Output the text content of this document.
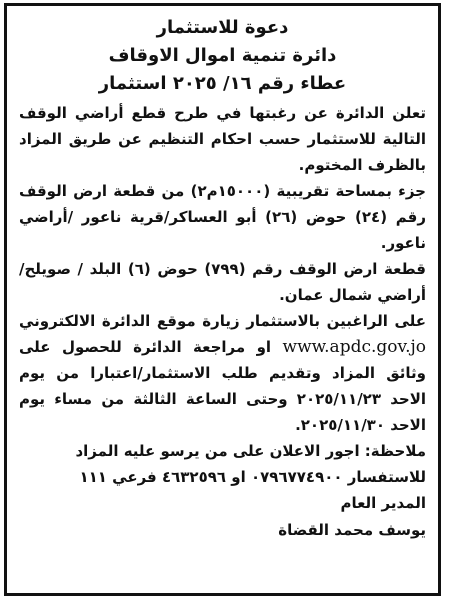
دعوة للاستثمار

دائرة تنمية اموال الاوقاف

عطاء رقم ١٦/ ٢٠٢٥ استثمار

تعلن الدائرة عن رغبتها في طرح قطع أراضي الوقف التالية للاستثمار حسب احكام التنظيم عن طريق المزاد بالظرف المختوم.

جزء بمساحة تقريبية (١٥٠٠٠م٢) من قطعة ارض الوقف رقم (٢٤) حوض (٢٦) أبو العساكر/قرية ناعور /أراضي ناعور.

قطعة ارض الوقف رقم (٧٩٩) حوض (٦) البلد / صويلح/ أراضي شمال عمان.

على الراغبين بالاستثمار زيارة موقع الدائرة الالكتروني www.apdc.gov.jo او مراجعة الدائرة للحصول على وثائق المزاد وتقديم طلب الاستثمار/اعتبارا من يوم الاحد ٢٠٢٥/١١/٢٣ وحتى الساعة الثالثة من مساء يوم الاحد ٢٠٢٥/١١/٣٠.

ملاحظة: اجور الاعلان على من يرسو عليه المزاد

للاستفسار ٠٧٩٦٧٧٤٩٠٠ او ٤٦٣٢٥٩٦ فرعي ١١١

المدير العام

يوسف محمد القضاة
